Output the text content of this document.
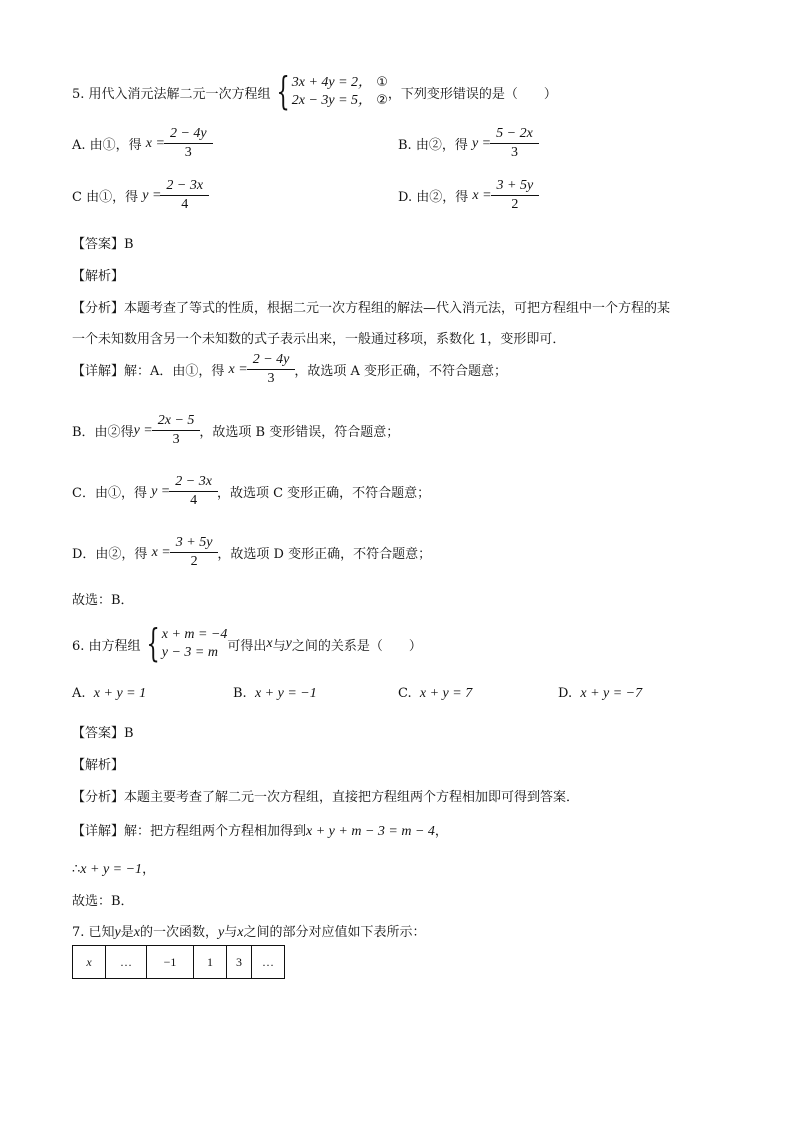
5. 用代入消元法解二元一次方程组 { 3x + 4y = 2， ①
2x − 3y = 5， ② ，下列变形错误的是（　　）
A. 由①，得
$x = \frac{2 - 4y}{3}$	B. 由②，得
$y = \frac{5 - 2x}{3}$
C 由①，得
$y = \frac{2 - 3x}{4}$	D. 由②，得
$x = \frac{3 + 5y}{2}$
【答案】B
【解析】
【分析】本题考查了等式的性质，根据二元一次方程组的解法—代入消元法，可把方程组中一个方程的某
一个未知数用含另一个未知数的式子表示出来，一般通过移项，系数化 1，变形即可．
【详解】解：A．由①，得
$x = \frac{2 - 4y}{3}$ ，故选项 A 变形正确，不符合题意；
B．由②得 $y = \frac{2x - 5}{3}$ ，故选项 B 变形错误，符合题意；
C．由①，得
$y = \frac{2 - 3x}{4}$ ，故选项 C 变形正确，不符合题意；
D．由②，得
$x = \frac{3 + 5y}{2}$ ，故选项 D 变形正确，不符合题意；
故选：B．
6. 由方程组 { x + m = −4
y − 3 = m 可得出 x 与 y 之间的关系是（　　）
A. x + y = 1	B. x + y = −1	C. x + y = 7	D. x + y = −7
【答案】B
【解析】
【分析】本题主要考查了解二元一次方程组，直接把方程组两个方程相加即可得到答案．
【详解】解：把方程组两个方程相加得到x + y + m − 3 = m − 4，
∴x + y = −1，
故选：B．
7. 已知y是x的一次函数，y与x之间的部分对应值如下表所示：
x	…	−1	1	3	…
